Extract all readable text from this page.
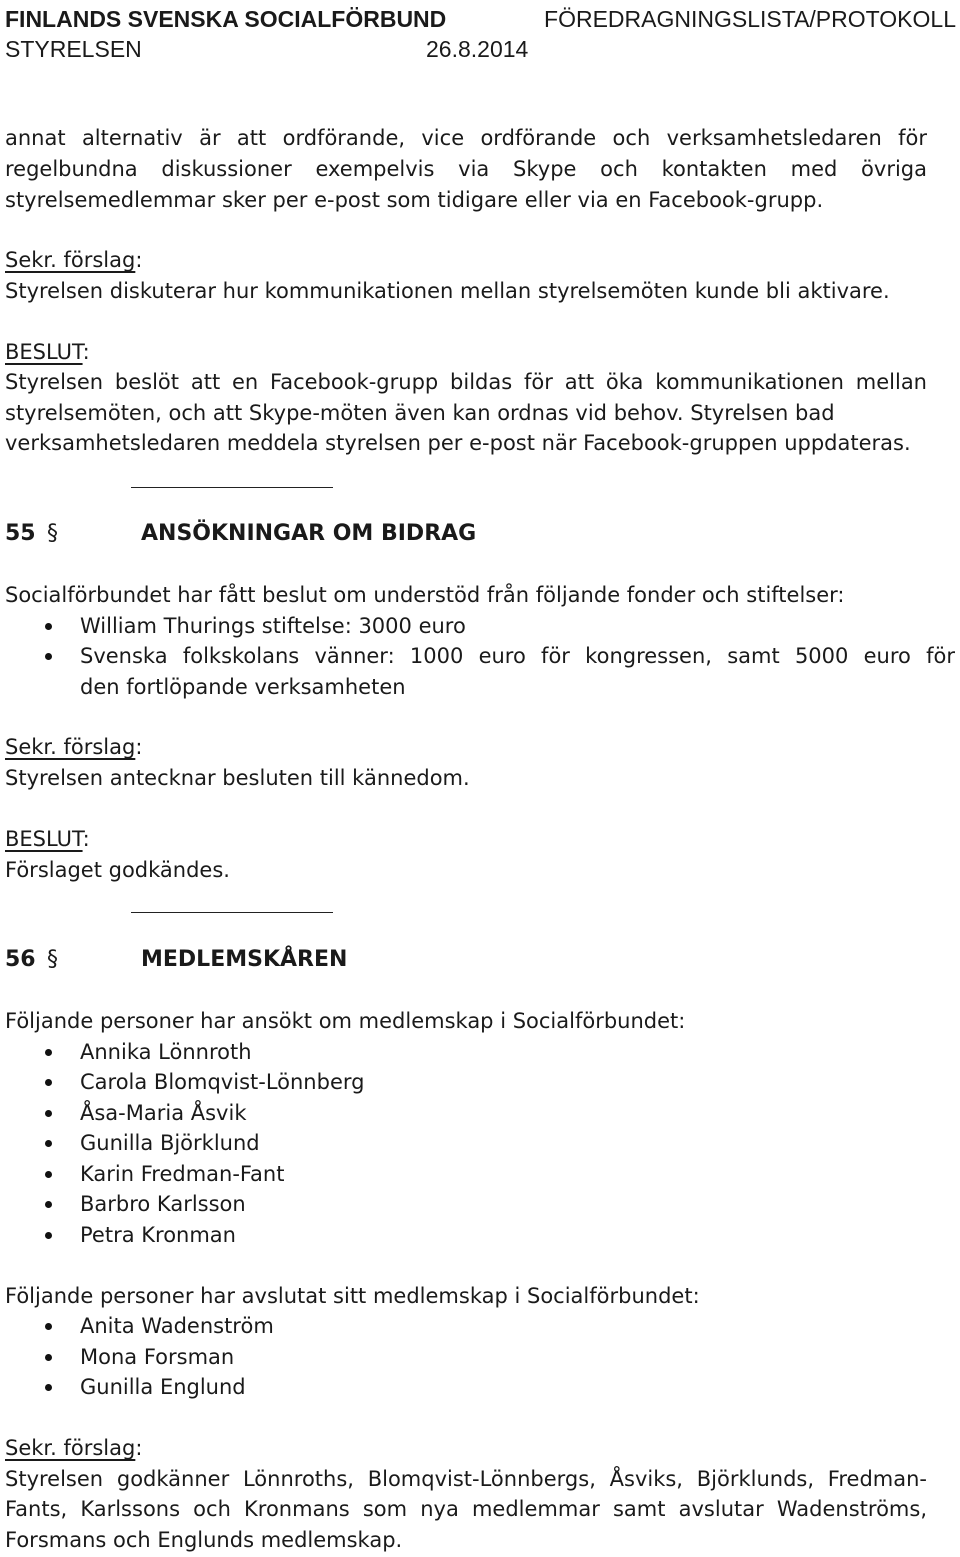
FINLANDS SVENSKA SOCIALFÖRBUND	FÖREDRAGNINGSLISTA/PROTOKOLL
STYRELSEN	26.8.2014
annat alternativ är att ordförande, vice ordförande och verksamhetsledaren för
regelbundna diskussioner exempelvis via Skype och kontakten med övriga
styrelsemedlemmar sker per e-post som tidigare eller via en Facebook-grupp.
Sekr. förslag:
Styrelsen diskuterar hur kommunikationen mellan styrelsemöten kunde bli aktivare.
BESLUT:
Styrelsen beslöt att en Facebook-grupp bildas för att öka kommunikationen mellan
styrelsemöten, och att Skype-möten även kan ordnas vid behov. Styrelsen bad
verksamhetsledaren meddela styrelsen per e-post när Facebook-gruppen uppdateras.
55 §	ANSÖKNINGAR OM BIDRAG
Socialförbundet har fått beslut om understöd från följande fonder och stiftelser:
William Thurings stiftelse: 3000 euro
Svenska folkskolans vänner: 1000 euro för kongressen, samt 5000 euro för
den fortlöpande verksamheten
Sekr. förslag:
Styrelsen antecknar besluten till kännedom.
BESLUT:
Förslaget godkändes.
56 §	MEDLEMSKÅREN
Följande personer har ansökt om medlemskap i Socialförbundet:
Annika Lönnroth
Carola Blomqvist-Lönnberg
Åsa-Maria Åsvik
Gunilla Björklund
Karin Fredman-Fant
Barbro Karlsson
Petra Kronman
Följande personer har avslutat sitt medlemskap i Socialförbundet:
Anita Wadenström
Mona Forsman
Gunilla Englund
Sekr. förslag:
Styrelsen godkänner Lönnroths, Blomqvist-Lönnbergs, Åsviks, Björklunds, Fredman-
Fants, Karlssons och Kronmans som nya medlemmar samt avslutar Wadenströms,
Forsmans och Englunds medlemskap.
